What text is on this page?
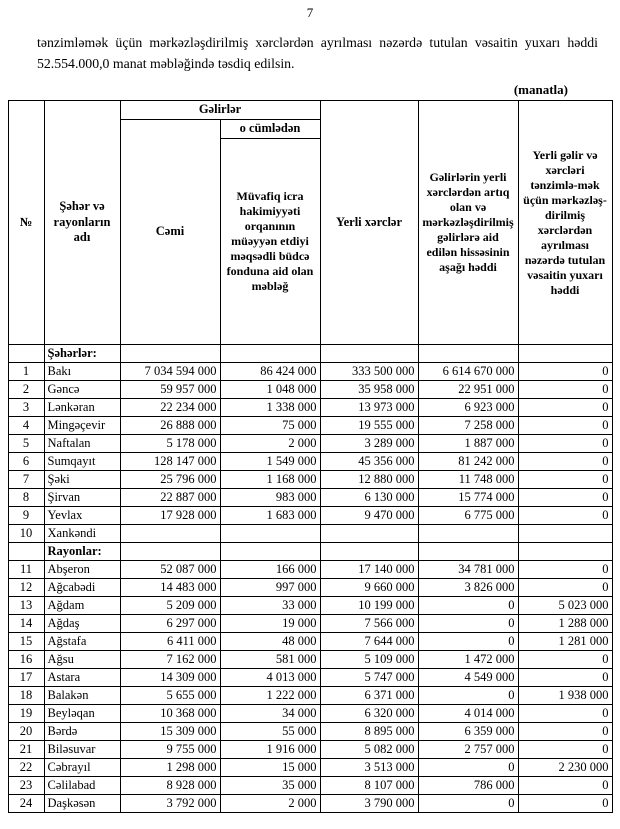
7

tənzimləmək üçün mərkəzləşdirilmiş xərclərdən ayrılması nəzərdə tutulan vəsaitin yuxarı həddi 52.554.000,0 manat məbləğində təsdiq edilsin.

(manatla)
№	Şəhər və rayonların adı	Gəlirlər		Yerli xərclər	Gəlirlərin yerli xərclərdən artıq olan və mərkəzləşdirilmiş gəlirlərə aid edilən hissəsinin aşağı həddi	Yerli gəlir və xərcləri tənzimlə-mək üçün mərkəzləş-dirilmiş xərclərdən ayrılması nəzərdə tutulan vəsaitin yuxarı həddi
		Cəmi	o cümlədən			
			Müvafiq icra hakimiyyəti orqanının müəyyən etdiyi məqsədli büdcə fonduna aid olan məbləğ			
	Şəhərlər:					
1	Bakı	7 034 594 000	86 424 000	333 500 000	6 614 670 000	0
2	Gəncə	59 957 000	1 048 000	35 958 000	22 951 000	0
3	Lənkəran	22 234 000	1 338 000	13 973 000	6 923 000	0
4	Mingəçevir	26 888 000	75 000	19 555 000	7 258 000	0
5	Naftalan	5 178 000	2 000	3 289 000	1 887 000	0
6	Sumqayıt	128 147 000	1 549 000	45 356 000	81 242 000	0
7	Şəki	25 796 000	1 168 000	12 880 000	11 748 000	0
8	Şirvan	22 887 000	983 000	6 130 000	15 774 000	0
9	Yevlax	17 928 000	1 683 000	9 470 000	6 775 000	0
10	Xankəndi					
	Rayonlar:					
11	Abşeron	52 087 000	166 000	17 140 000	34 781 000	0
12	Ağcabədi	14 483 000	997 000	9 660 000	3 826 000	0
13	Ağdam	5 209 000	33 000	10 199 000	0	5 023 000
14	Ağdaş	6 297 000	19 000	7 566 000	0	1 288 000
15	Ağstafa	6 411 000	48 000	7 644 000	0	1 281 000
16	Ağsu	7 162 000	581 000	5 109 000	1 472 000	0
17	Astara	14 309 000	4 013 000	5 747 000	4 549 000	0
18	Balakən	5 655 000	1 222 000	6 371 000	0	1 938 000
19	Beyləqan	10 368 000	34 000	6 320 000	4 014 000	0
20	Bərdə	15 309 000	55 000	8 895 000	6 359 000	0
21	Biləsuvar	9 755 000	1 916 000	5 082 000	2 757 000	0
22	Cəbrayıl	1 298 000	15 000	3 513 000	0	2 230 000
23	Cəlilabad	8 928 000	35 000	8 107 000	786 000	0
24	Daşkəsən	3 792 000	2 000	3 790 000	0	0
